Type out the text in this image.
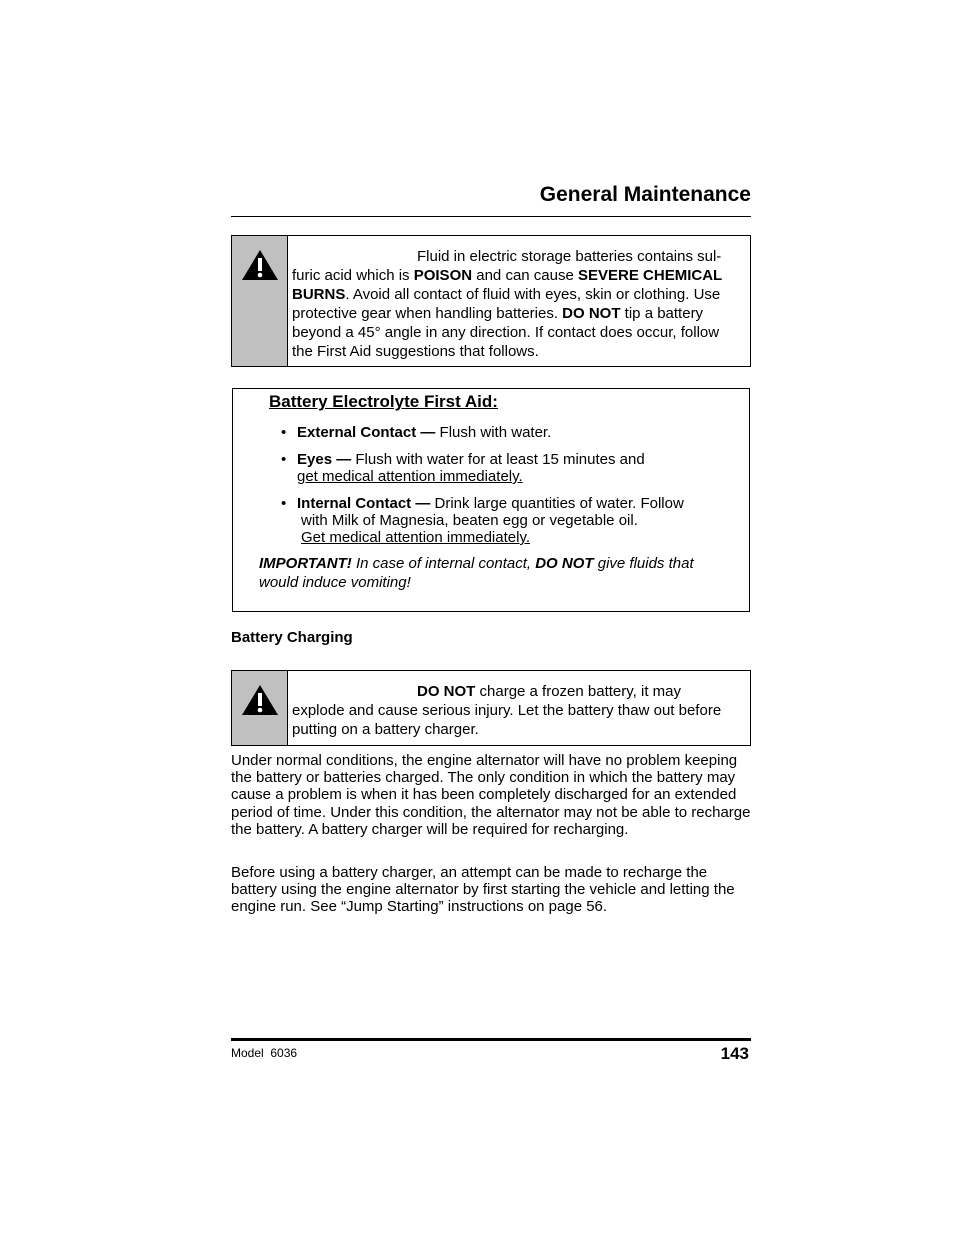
General Maintenance
Fluid in electric storage batteries contains sul-
furic acid which is POISON and can cause SEVERE CHEMICAL BURNS. Avoid all contact of fluid with eyes, skin or clothing. Use protective gear when handling batteries. DO NOT tip a battery beyond a 45° angle in any direction. If contact does occur, follow the First Aid suggestions that follows.
Battery Electrolyte First Aid:
• External Contact — Flush with water.
• Eyes — Flush with water for at least 15 minutes and
get medical attention immediately.
• Internal Contact — Drink large quantities of water. Follow
with Milk of Magnesia, beaten egg or vegetable oil.
Get medical attention immediately.
IMPORTANT! In case of internal contact, DO NOT give fluids that would induce vomiting!
Battery Charging
DO NOT charge a frozen battery, it may
explode and cause serious injury. Let the battery thaw out before putting on a battery charger.
Under normal conditions, the engine alternator will have no problem keeping the battery or batteries charged. The only condition in which the battery may cause a problem is when it has been completely discharged for an extended period of time. Under this condition, the alternator may not be able to recharge the battery. A battery charger will be required for recharging.
Before using a battery charger, an attempt can be made to recharge the battery using the engine alternator by first starting the vehicle and letting the engine run. See “Jump Starting” instructions on page 56.
Model  6036	143
